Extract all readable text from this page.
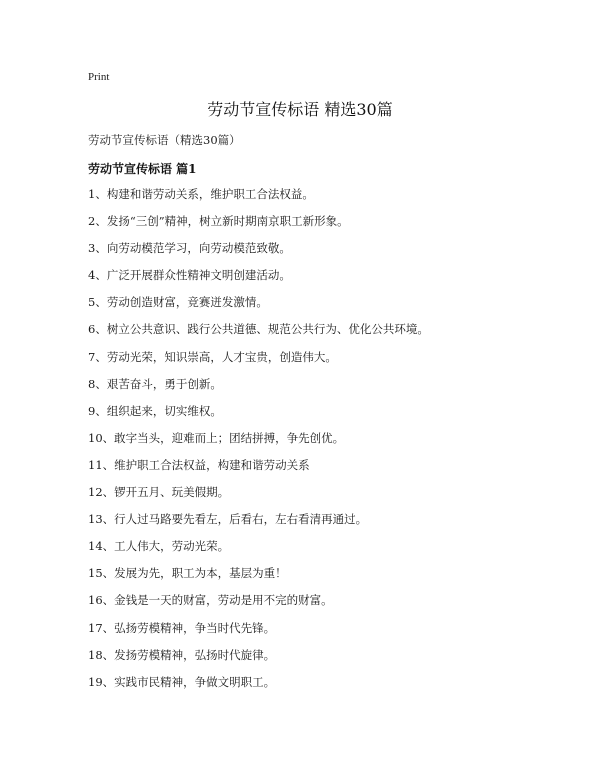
Print
劳动节宣传标语 精选30篇
劳动节宣传标语（精选30篇）
劳动节宣传标语 篇1
1、构建和谐劳动关系，维护职工合法权益。
2、发扬“三创”精神，树立新时期南京职工新形象。
3、向劳动模范学习，向劳动模范致敬。
4、广泛开展群众性精神文明创建活动。
5、劳动创造财富，竞赛迸发激情。
6、树立公共意识、践行公共道德、规范公共行为、优化公共环境。
7、劳动光荣，知识崇高，人才宝贵，创造伟大。
8、艰苦奋斗，勇于创新。
9、组织起来，切实维权。
10、敢字当头，迎难而上；团结拼搏，争先创优。
11、维护职工合法权益，构建和谐劳动关系
12、锣开五月、玩美假期。
13、行人过马路要先看左，后看右，左右看清再通过。
14、工人伟大，劳动光荣。
15、发展为先，职工为本，基层为重！
16、金钱是一天的财富，劳动是用不完的财富。
17、弘扬劳模精神，争当时代先锋。
18、发扬劳模精神，弘扬时代旋律。
19、实践市民精神，争做文明职工。
